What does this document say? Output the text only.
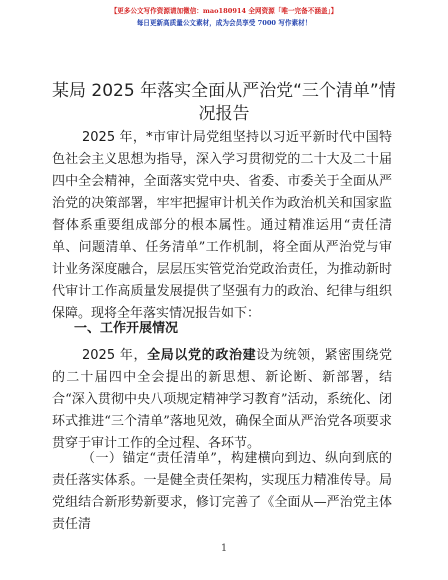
【更多公文写作资源请加微信：mao180914 全网资源「唯一完备不涵盖」】
每日更新高质量公文素材，成为会员享受 7000 写作素材！
某局 2025 年落实全面从严治党“三个清单”情
况报告

2025 年，*市审计局党组坚持以习近平新时代中国特色社会主义思想为指导，深入学习贯彻党的二十大及二十届四中全会精神，全面落实党中央、省委、市委关于全面从严治党的决策部署，牢牢把握审计机关作为政治机关和国家监督体系重要组成部分的根本属性。通过精准运用“责任清单、问题清单、任务清单”工作机制，将全面从严治党与审计业务深度融合，层层压实管党治党政治责任，为推动新时代审计工作高质量发展提供了坚强有力的政治、纪律与组织保障。现将全年落实情况报告如下：

一、工作开展情况

2025 年，全局以党的政治建设为统领，紧密围绕党的二十届四中全会提出的新思想、新论断、新部署，结合“深入贯彻中央八项规定精神学习教育”活动，系统化、闭环式推进“三个清单”落地见效，确保全面从严治党各项要求贯穿于审计工作的全过程、各环节。

（一）锚定“责任清单”，构建横向到边、纵向到底的责任落实体系。一是健全责任架构，实现压力精准传导。局党组结合新形势新要求，修订完善了《全面从—严治党主体责任清

1
